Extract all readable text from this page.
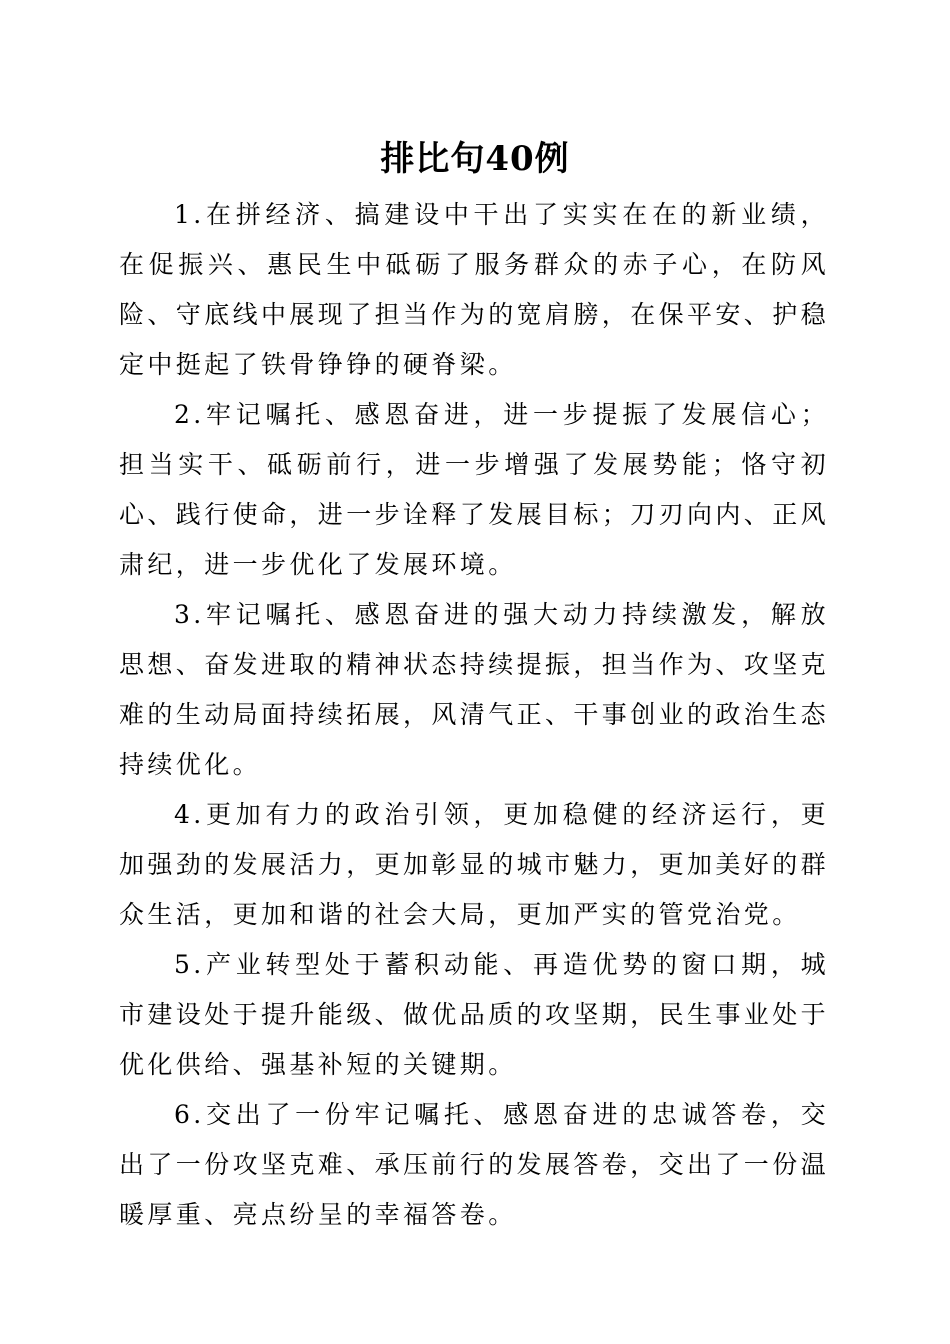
排比句40例

1.在拼经济、搞建设中干出了实实在在的新业绩，在促振兴、惠民生中砥砺了服务群众的赤子心，在防风险、守底线中展现了担当作为的宽肩膀，在保平安、护稳定中挺起了铁骨铮铮的硬脊梁。

2.牢记嘱托、感恩奋进，进一步提振了发展信心；担当实干、砥砺前行，进一步增强了发展势能；恪守初心、践行使命，进一步诠释了发展目标；刀刃向内、正风肃纪，进一步优化了发展环境。

3.牢记嘱托、感恩奋进的强大动力持续激发，解放思想、奋发进取的精神状态持续提振，担当作为、攻坚克难的生动局面持续拓展，风清气正、干事创业的政治生态持续优化。

4.更加有力的政治引领，更加稳健的经济运行，更加强劲的发展活力，更加彰显的城市魅力，更加美好的群众生活，更加和谐的社会大局，更加严实的管党治党。

5.产业转型处于蓄积动能、再造优势的窗口期，城市建设处于提升能级、做优品质的攻坚期，民生事业处于优化供给、强基补短的关键期。

6.交出了一份牢记嘱托、感恩奋进的忠诚答卷，交出了一份攻坚克难、承压前行的发展答卷，交出了一份温暖厚重、亮点纷呈的幸福答卷。
